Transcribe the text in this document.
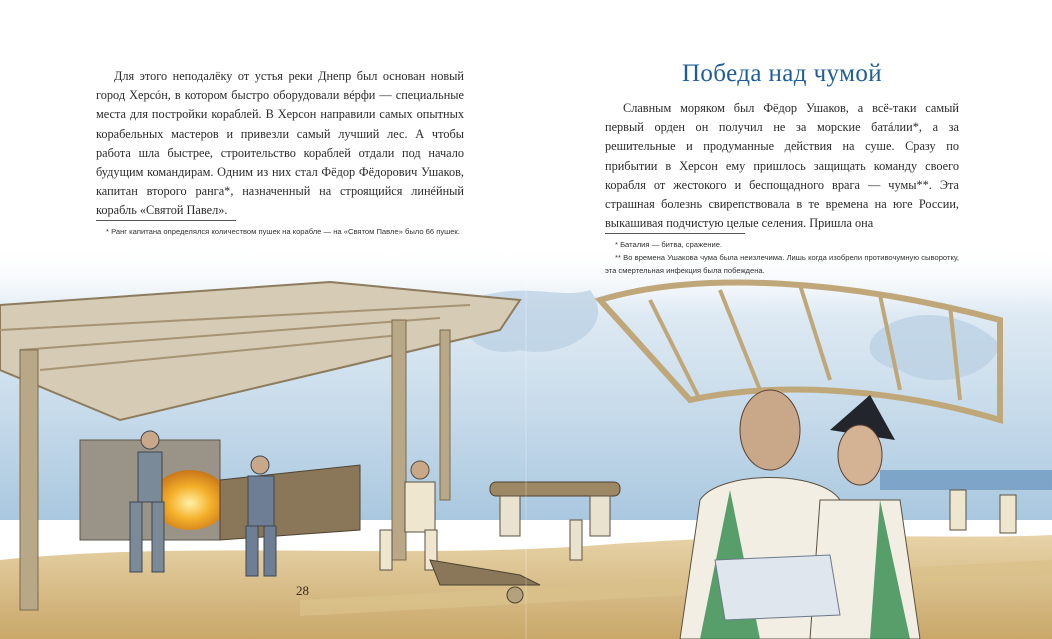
Для этого неподалёку от устья реки Днепр был основан новый город Херсóн, в котором быстро оборудовали вéрфи — специальные места для постройки кораблей. В Херсон направили самых опытных корабельных мастеров и привезли самый лучший лес. А чтобы работа шла быстрее, строительство кораблей отдали под начало будущим командирам. Одним из них стал Фёдор Фёдорович Ушаков, капитан второго ранга*, назначенный на строящийся линéйный корабль «Святой Павел».

* Ранг капитана определялся количеством пушек на корабле — на «Святом Павле» было 66 пушек.

28
Победа над чумой

Славным моряком был Фёдор Ушаков, а всё-таки самый первый орден он получил не за морские батáлии*, а за решительные и продуманные действия на суше. Сразу по прибытии в Херсон ему пришлось защищать команду своего корабля от жестокого и беспощадного врага — чумы**. Эта страшная болезнь свирепствовала в те времена на юге России, выкашивая подчистую целые селения. Пришла она

* Баталия — битва, сражение.

** Во времена Ушакова чума была неизлечима. Лишь когда изобрели противочумную сыворотку, эта смертельная инфекция была побеждена.
